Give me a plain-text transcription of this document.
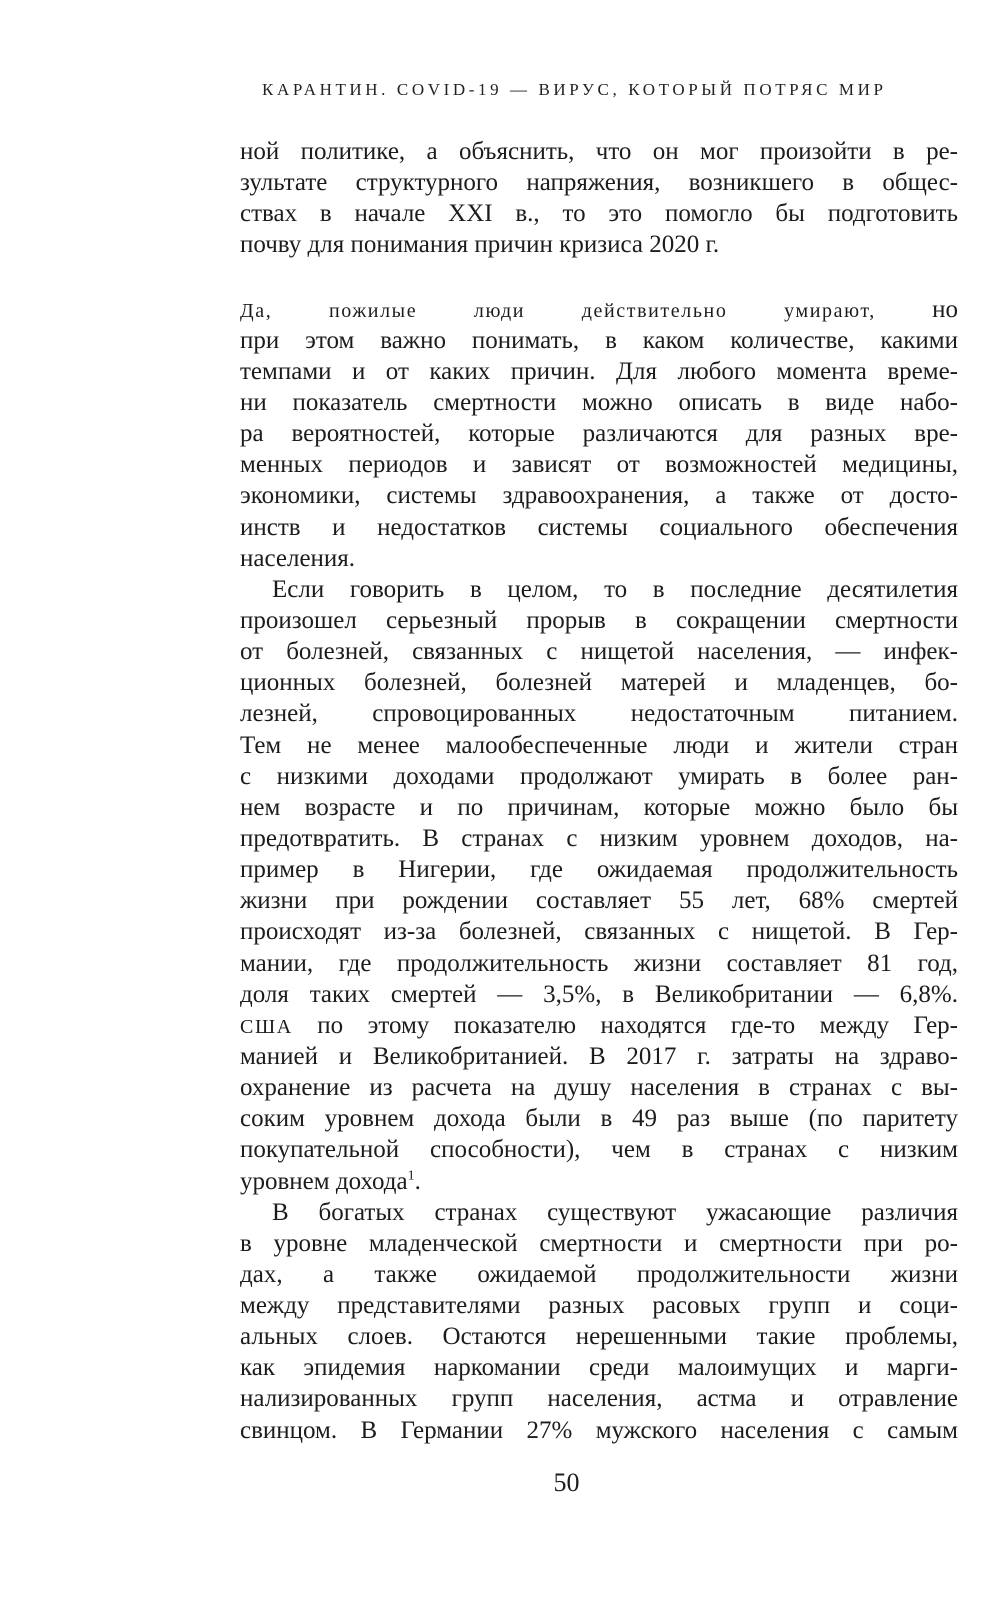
КАРАНТИН. COVID-19 — ВИРУС, КОТОРЫЙ ПОТРЯС МИР
ной политике, а объяснить, что он мог произойти в ре-
зультате структурного напряжения, возникшего в общес-
ствах в начале XXI в., то это помогло бы подготовить
почву для понимания причин кризиса 2020 г.
Да, пожилые люди действительно умирают, но
при этом важно понимать, в каком количестве, какими
темпами и от каких причин. Для любого момента време-
ни показатель смертности можно описать в виде набо-
ра вероятностей, которые различаются для разных вре-
менных периодов и зависят от возможностей медицины,
экономики, системы здравоохранения, а также от досто-
инств и недостатков системы социального обеспечения
населения.
Если говорить в целом, то в последние десятилетия
произошел серьезный прорыв в сокращении смертности
от болезней, связанных с нищетой населения, — инфек-
ционных болезней, болезней матерей и младенцев, бо-
лезней, спровоцированных недостаточным питанием.
Тем не менее малообеспеченные люди и жители стран
с низкими доходами продолжают умирать в более ран-
нем возрасте и по причинам, которые можно было бы
предотвратить. В странах с низким уровнем доходов, на-
пример в Нигерии, где ожидаемая продолжительность
жизни при рождении составляет 55 лет, 68% смертей
происходят из-за болезней, связанных с нищетой. В Гер-
мании, где продолжительность жизни составляет 81 год,
доля таких смертей — 3,5%, в Великобритании — 6,8%.
США по этому показателю находятся где-то между Гер-
манией и Великобританией. В 2017 г. затраты на здраво-
охранение из расчета на душу населения в странах с вы-
соким уровнем дохода были в 49 раз выше (по паритету
покупательной способности), чем в странах с низким
уровнем дохода$^1$.
В богатых странах существуют ужасающие различия
в уровне младенческой смертности и смертности при ро-
дах, а также ожидаемой продолжительности жизни
между представителями разных расовых групп и соци-
альных слоев. Остаются нерешенными такие проблемы,
как эпидемия наркомании среди малоимущих и марги-
нализированных групп населения, астма и отравление
свинцом. В Германии 27% мужского населения с самым
50
